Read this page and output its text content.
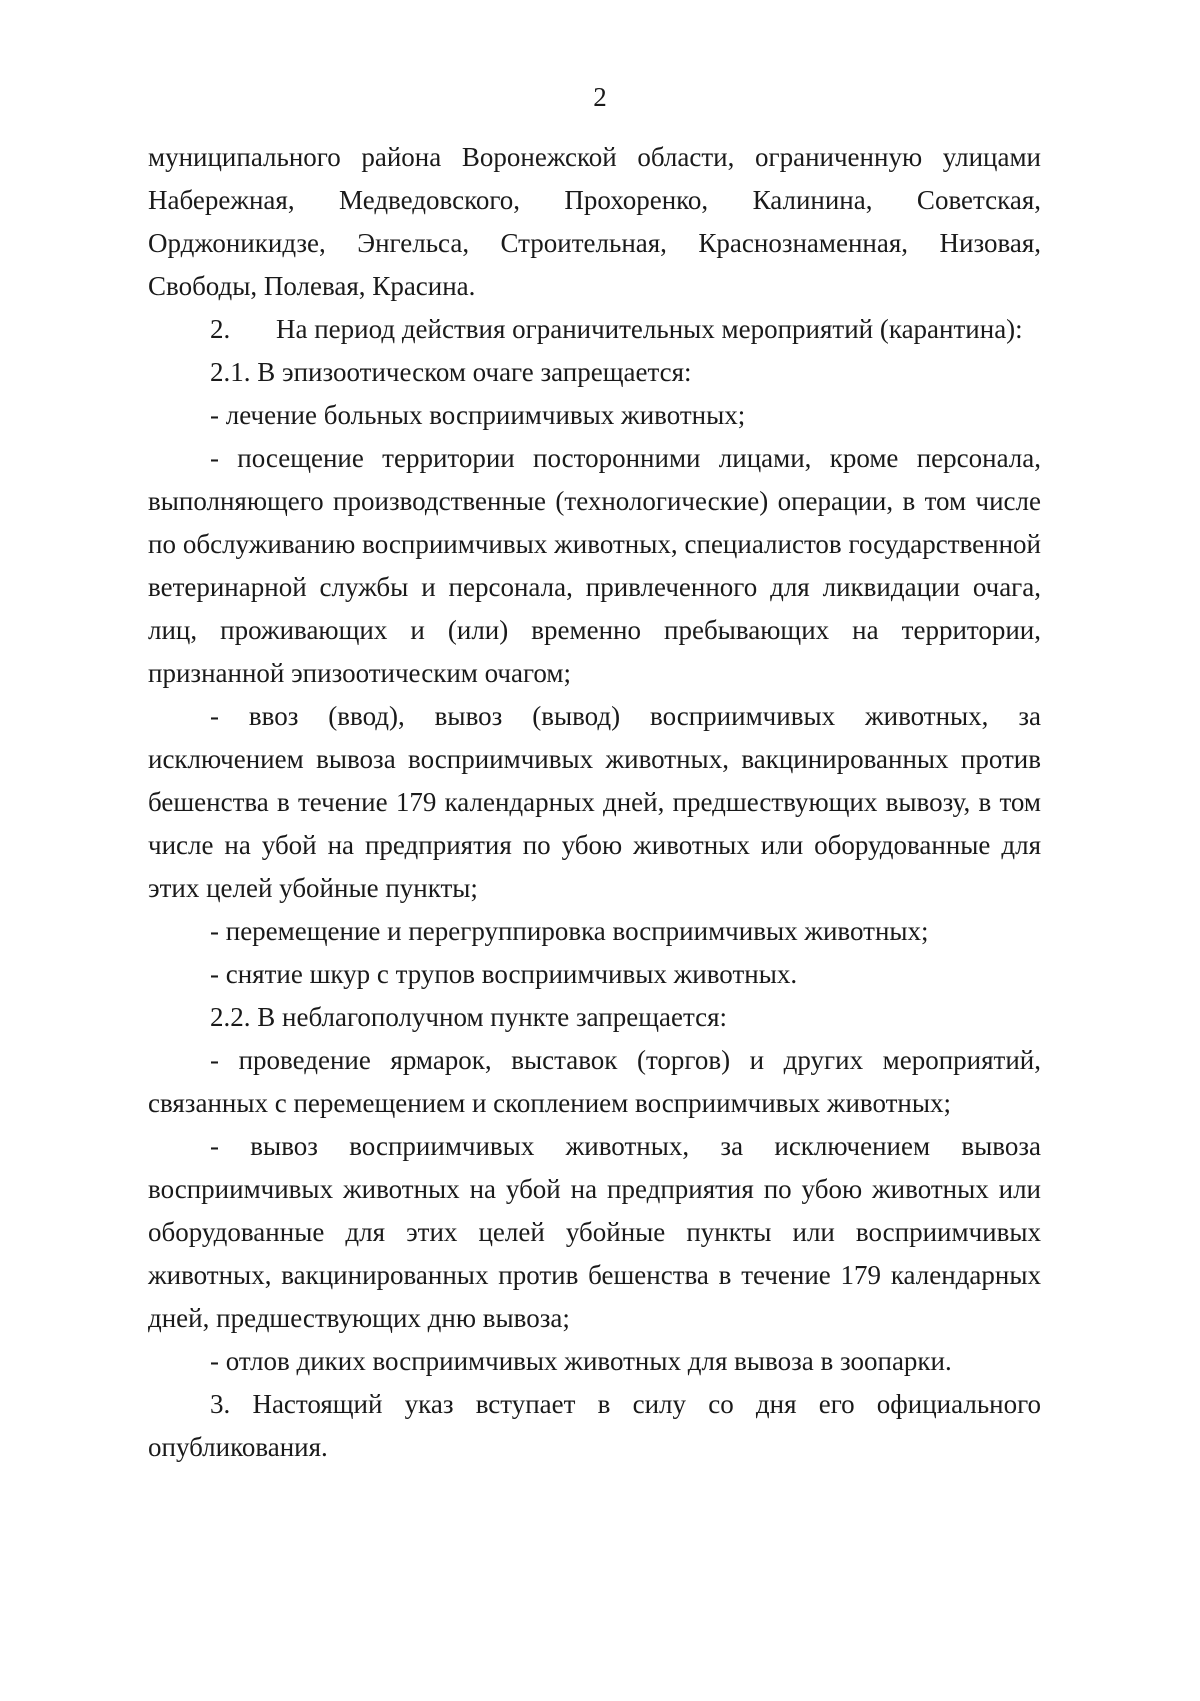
2

муниципального района Воронежской области, ограниченную улицами Набережная, Медведовского, Прохоренко, Калинина, Советская, Орджоникидзе, Энгельса, Строительная, Краснознаменная, Низовая, Свободы, Полевая, Красина.

2. На период действия ограничительных мероприятий (карантина):

2.1. В эпизоотическом очаге запрещается:

- лечение больных восприимчивых животных;

- посещение территории посторонними лицами, кроме персонала, выполняющего производственные (технологические) операции, в том числе по обслуживанию восприимчивых животных, специалистов государственной ветеринарной службы и персонала, привлеченного для ликвидации очага, лиц, проживающих и (или) временно пребывающих на территории, признанной эпизоотическим очагом;

- ввоз (ввод), вывоз (вывод) восприимчивых животных, за исключением вывоза восприимчивых животных, вакцинированных против бешенства в течение 179 календарных дней, предшествующих вывозу, в том числе на убой на предприятия по убою животных или оборудованные для этих целей убойные пункты;

- перемещение и перегруппировка восприимчивых животных;

- снятие шкур с трупов восприимчивых животных.

2.2. В неблагополучном пункте запрещается:

- проведение ярмарок, выставок (торгов) и других мероприятий, связанных с перемещением и скоплением восприимчивых животных;

- вывоз восприимчивых животных, за исключением вывоза восприимчивых животных на убой на предприятия по убою животных или оборудованные для этих целей убойные пункты или восприимчивых животных, вакцинированных против бешенства в течение 179 календарных дней, предшествующих дню вывоза;

- отлов диких восприимчивых животных для вывоза в зоопарки.

3. Настоящий указ вступает в силу со дня его официального опубликования.
